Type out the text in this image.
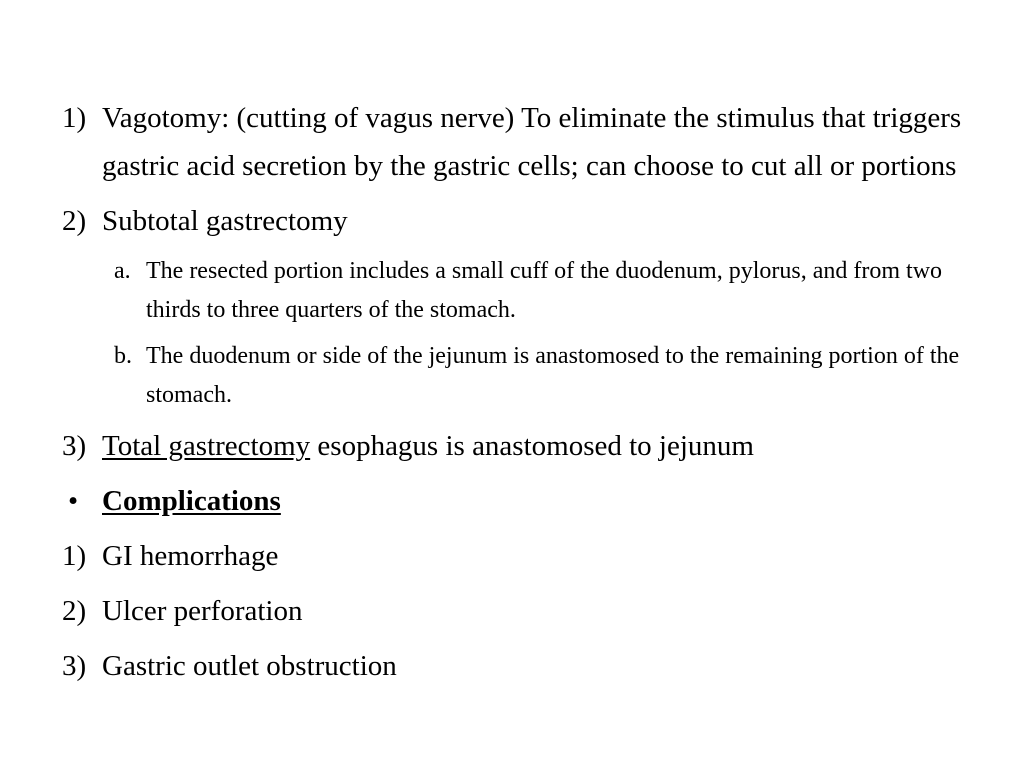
1) Vagotomy: (cutting of vagus nerve) To eliminate the stimulus that triggers gastric acid secretion by the gastric cells; can choose to cut all or portions
2) Subtotal gastrectomy
a. The resected portion includes a small cuff of the duodenum, pylorus, and from two thirds to three quarters of the stomach.
b. The duodenum or side of the jejunum is anastomosed to the remaining portion of the stomach.
3) Total gastrectomy esophagus is anastomosed to jejunum
• Complications
1) GI hemorrhage
2) Ulcer perforation
3) Gastric outlet obstruction
